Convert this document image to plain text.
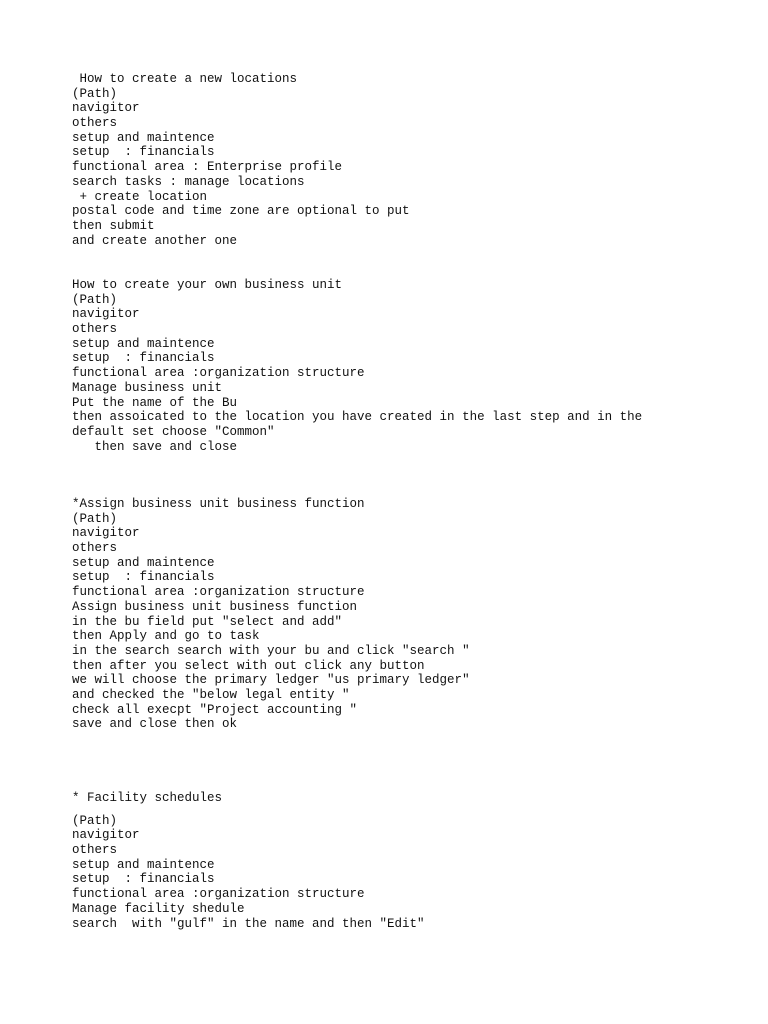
How to create a new locations

(Path)

navigitor

others

setup and maintence

setup  : financials

functional area : Enterprise profile

search tasks : manage locations

+ create location

postal code and time zone are optional to put

then submit

and create another one

How to create your own business unit

(Path)

navigitor

others

setup and maintence

setup  : financials

functional area :organization structure

Manage business unit

Put the name of the Bu

then assoicated to the location you have created in the last step and in the

default set choose "Common"

then save and close

*Assign business unit business function

(Path)

navigitor

others

setup and maintence

setup  : financials

functional area :organization structure

Assign business unit business function

in the bu field put "select and add"

then Apply and go to task

in the search search with your bu and click "search "

then after you select with out click any button

we will choose the primary ledger "us primary ledger"

and checked the "below legal entity "

check all execpt "Project accounting "

save and close then ok

* Facility schedules

(Path)

navigitor

others

setup and maintence

setup  : financials

functional area :organization structure

Manage facility shedule

search  with "gulf" in the name and then "Edit"
